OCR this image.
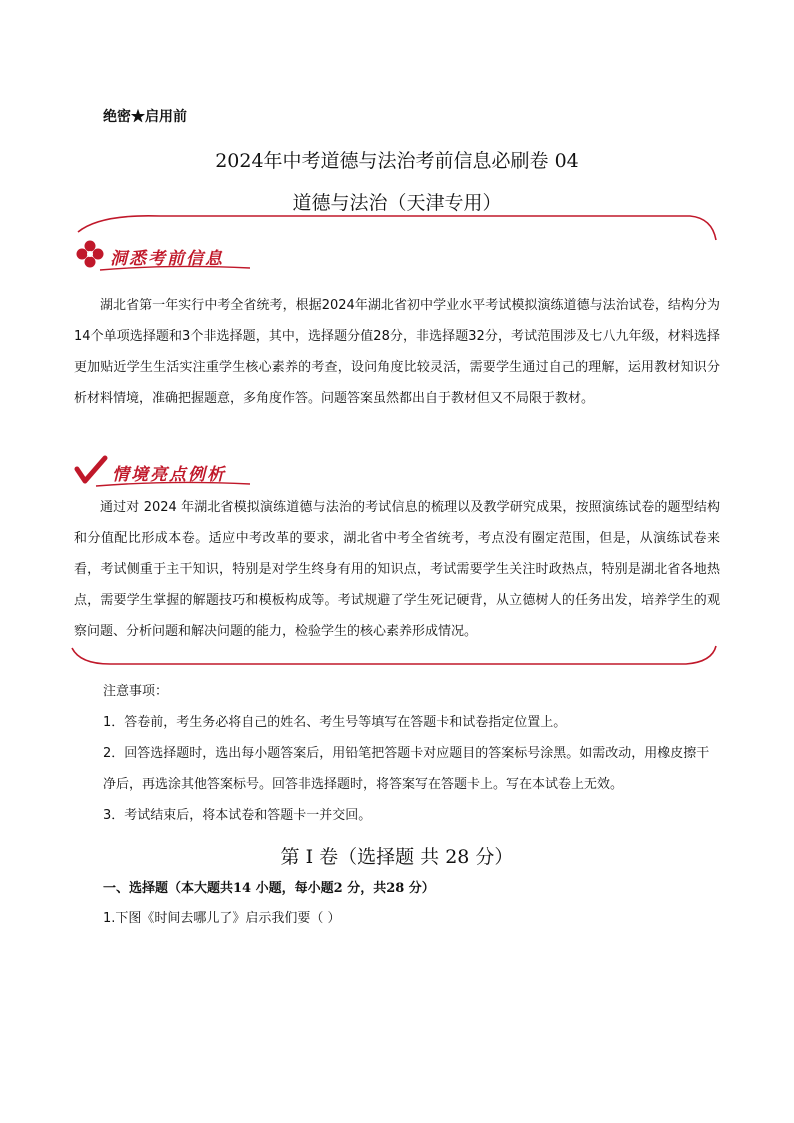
绝密★启用前
2024年中考道德与法治考前信息必刷卷 04
道德与法治（天津专用）
洞悉考前信息

湖北省第一年实行中考全省统考，根据2024年湖北省初中学业水平考试模拟演练道德与法治试卷，结构分为14个单项选择题和3个非选择题，其中，选择题分值28分，非选择题32分，考试范围涉及七八九年级，材料选择更加贴近学生生活实注重学生核心素养的考查，设问角度比较灵活，需要学生通过自己的理解，运用教材知识分析材料情境，准确把握题意，多角度作答。问题答案虽然都出自于教材但又不局限于教材。

情境亮点例析

通过对 2024 年湖北省模拟演练道德与法治的考试信息的梳理以及教学研究成果，按照演练试卷的题型结构和分值配比形成本卷。适应中考改革的要求，湖北省中考全省统考，考点没有圈定范围，但是，从演练试卷来看，考试侧重于主干知识，特别是对学生终身有用的知识点，考试需要学生关注时政热点，特别是湖北省各地热点，需要学生掌握的解题技巧和模板构成等。考试规避了学生死记硬背，从立德树人的任务出发，培养学生的观察问题、分析问题和解决问题的能力，检验学生的核心素养形成情况。

注意事项：
1．答卷前，考生务必将自己的姓名、考生号等填写在答题卡和试卷指定位置上。
2．回答选择题时，选出每小题答案后，用铅笔把答题卡对应题目的答案标号涂黑。如需改动，用橡皮擦干净后，再选涂其他答案标号。回答非选择题时，将答案写在答题卡上。写在本试卷上无效。
3．考试结束后，将本试卷和答题卡一并交回。
第 I 卷（选择题 共 28 分）
一、选择题（本大题共14 小题，每小题2 分，共28 分）
1.下图《时间去哪儿了》启示我们要（ ）
